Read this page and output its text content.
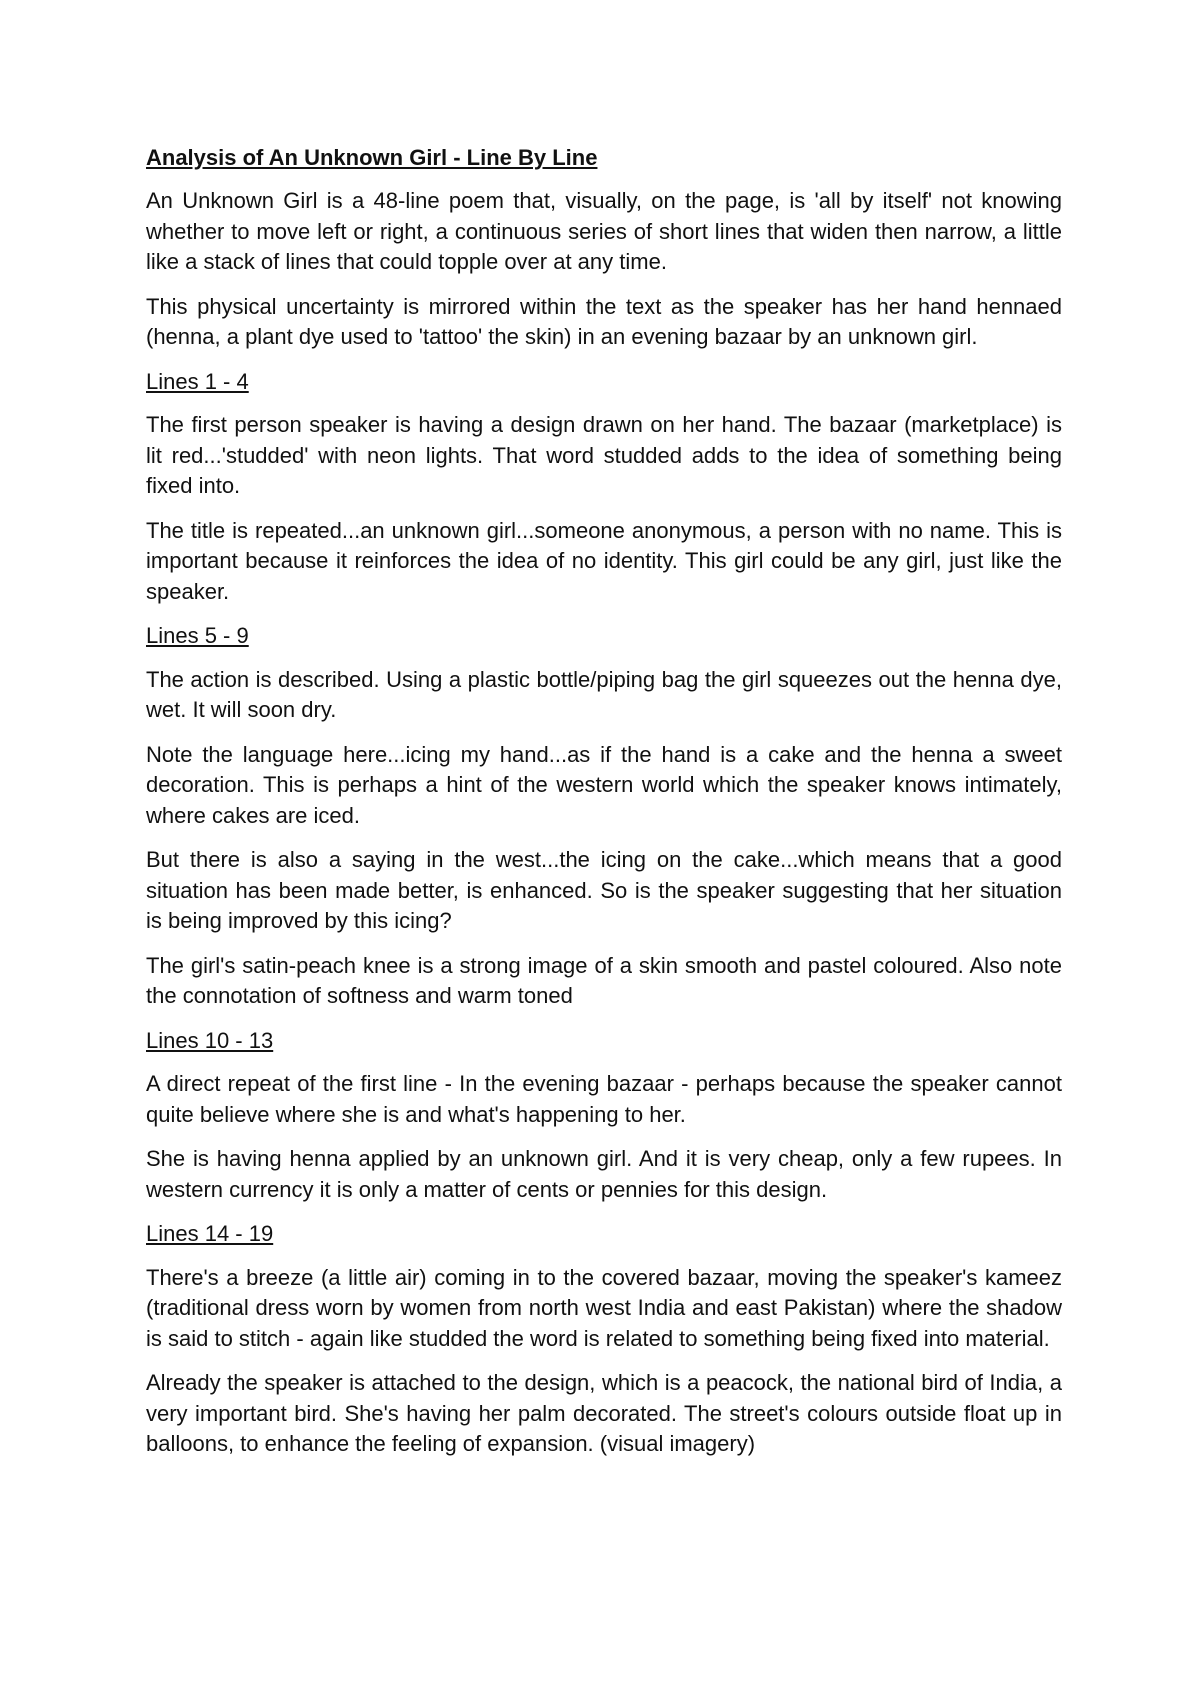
Analysis of An Unknown Girl - Line By Line

An Unknown Girl is a 48-line poem that, visually, on the page, is 'all by itself' not knowing whether to move left or right, a continuous series of short lines that widen then narrow, a little like a stack of lines that could topple over at any time.

This physical uncertainty is mirrored within the text as the speaker has her hand hennaed (henna, a plant dye used to 'tattoo' the skin) in an evening bazaar by an unknown girl.

Lines 1 - 4

The first person speaker is having a design drawn on her hand. The bazaar (marketplace) is lit red...'studded' with neon lights. That word studded adds to the idea of something being fixed into.

The title is repeated...an unknown girl...someone anonymous, a person with no name. This is important because it reinforces the idea of no identity. This girl could be any girl, just like the speaker.

Lines 5 - 9

The action is described. Using a plastic bottle/piping bag the girl squeezes out the henna dye, wet. It will soon dry.

Note the language here...icing my hand...as if the hand is a cake and the henna a sweet decoration. This is perhaps a hint of the western world which the speaker knows intimately, where cakes are iced.

But there is also a saying in the west...the icing on the cake...which means that a good situation has been made better, is enhanced. So is the speaker suggesting that her situation is being improved by this icing?

The girl's satin-peach knee is a strong image of a skin smooth and pastel coloured. Also note the connotation of softness and warm toned

Lines 10 - 13

A direct repeat of the first line - In the evening bazaar - perhaps because the speaker cannot quite believe where she is and what's happening to her.

She is having henna applied by an unknown girl. And it is very cheap, only a few rupees. In western currency it is only a matter of cents or pennies for this design.

Lines 14 - 19

There's a breeze (a little air) coming in to the covered bazaar, moving the speaker's kameez (traditional dress worn by women from north west India and east Pakistan) where the shadow is said to stitch - again like studded the word is related to something being fixed into material.

Already the speaker is attached to the design, which is a peacock, the national bird of India, a very important bird. She's having her palm decorated. The street's colours outside float up in balloons, to enhance the feeling of expansion. (visual imagery)
